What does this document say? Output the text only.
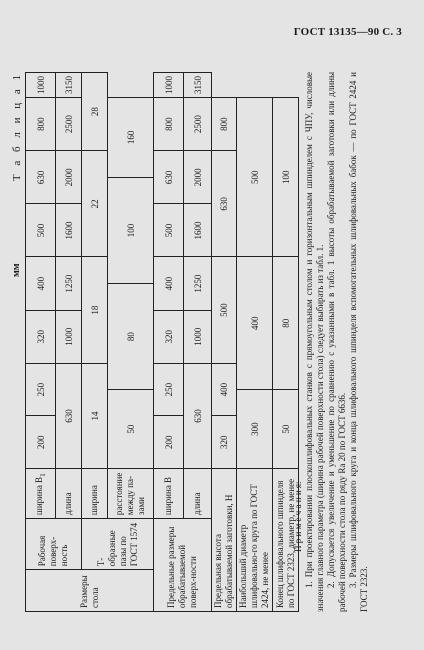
ГОСТ 13135—90 С. 3
Т а б л и ц а 1
мм
Размеры стола	Рабочая поверх-ность	ширина $B_1$	200	250		320	400		500	630		800	1000
		длина	630			1000	1250		1600	2000		2500	3150
	Т-образные пазы по ГОСТ 1574	ширина	14			18			22			28	
		расстояние между па-зами	50		80			100			160		
Предельные размеры обрабатываемой поверх-ности		ширина B	200	250		320	400		500	630		800	1000
		длина	630			1000	1250		1600	2000		2500	3150
Предельная высота обрабатываемой заготовки, Н			320	400		500			630			800	
Наибольший диаметр шлифовально-го круга по ГОСТ 2424, не менее			300		400				500				
Конец шлифовального шпинделя по ГОСТ 2323, диаметр, не менее			50		80				100				

П р и м е ч а н и я: 1. При проектировании плоскошлифовальных станков с прямоугольным столом и горизонтальным шпинделем с ЧПУ, числовые значения главного параметра (ширина рабочей поверхности стола) следует выбирать из табл. 1. 2. Допускается увеличение и уменьшение по сравнению с указанными в табл. 1 высоты обрабатываемой заготовки или длины рабочей поверхности стола по ряду Ra 20 по ГОСТ 6636. 3. Размеры шлифовального круга и конца шлифовального шпинделя вспомогательных шлифовальных бабок — по ГОСТ 2424 и ГОСТ 2323.
